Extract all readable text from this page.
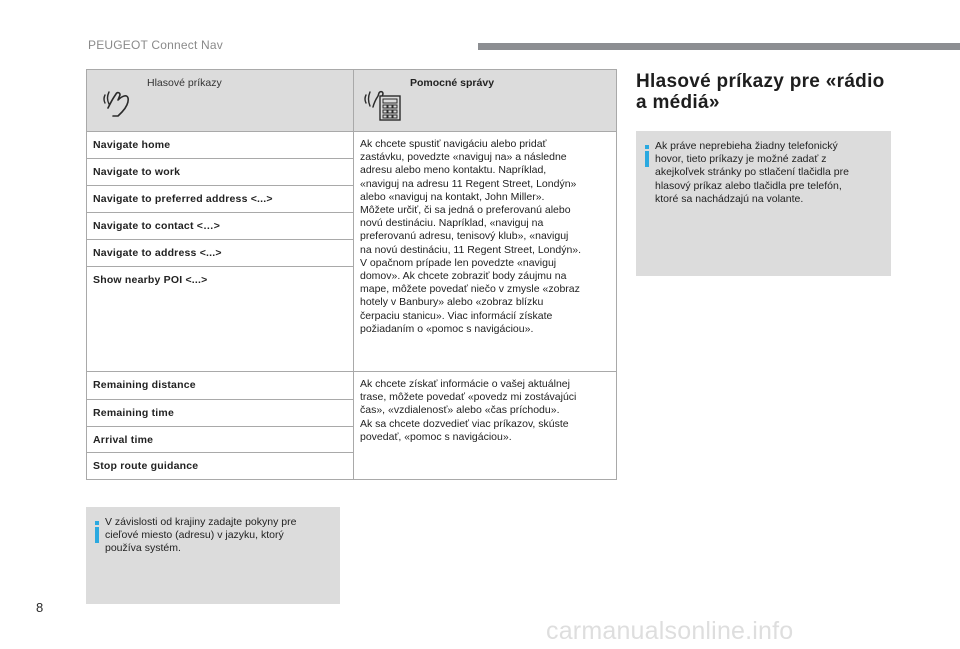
PEUGEOT Connect Nav
Hlasové príkazy	Pomocné správy
Navigate home
Navigate to work
Navigate to preferred address <...>
Navigate to contact <…>
Navigate to address <...>
Show nearby POI <...>
Ak chcete spustiť navigáciu alebo pridať
zastávku, povedzte «naviguj na» a následne
adresu alebo meno kontaktu. Napríklad,
«naviguj na adresu 11 Regent Street, Londýn»
alebo «naviguj na kontakt, John Miller».
Môžete určiť, či sa jedná o preferovanú alebo
novú destináciu. Napríklad, «naviguj na
preferovanú adresu, tenisový klub», «naviguj
na novú destináciu, 11 Regent Street, Londýn».
V opačnom prípade len povedzte «naviguj
domov». Ak chcete zobraziť body záujmu na
mape, môžete povedať niečo v zmysle «zobraz
hotely v Banbury» alebo «zobraz blízku
čerpaciu stanicu». Viac informácií získate
požiadaním o «pomoc s navigáciou».
Remaining distance
Remaining time
Arrival time
Stop route guidance
Ak chcete získať informácie o vašej aktuálnej
trase, môžete povedať «povedz mi zostávajúci
čas», «vzdialenosť» alebo «čas príchodu».
Ak sa chcete dozvedieť viac príkazov, skúste
povedať, «pomoc s navigáciou».
V závislosti od krajiny zadajte pokyny pre
cieľové miesto (adresu) v jazyku, ktorý
používa systém.
Hlasové príkazy pre «rádio
a médiá»
Ak práve neprebieha žiadny telefonický
hovor, tieto príkazy je možné zadať z
akejkoľvek stránky po stlačení tlačidla pre
hlasový príkaz alebo tlačidla pre telefón,
ktoré sa nachádzajú na volante.
8
carmanualsonline.info
